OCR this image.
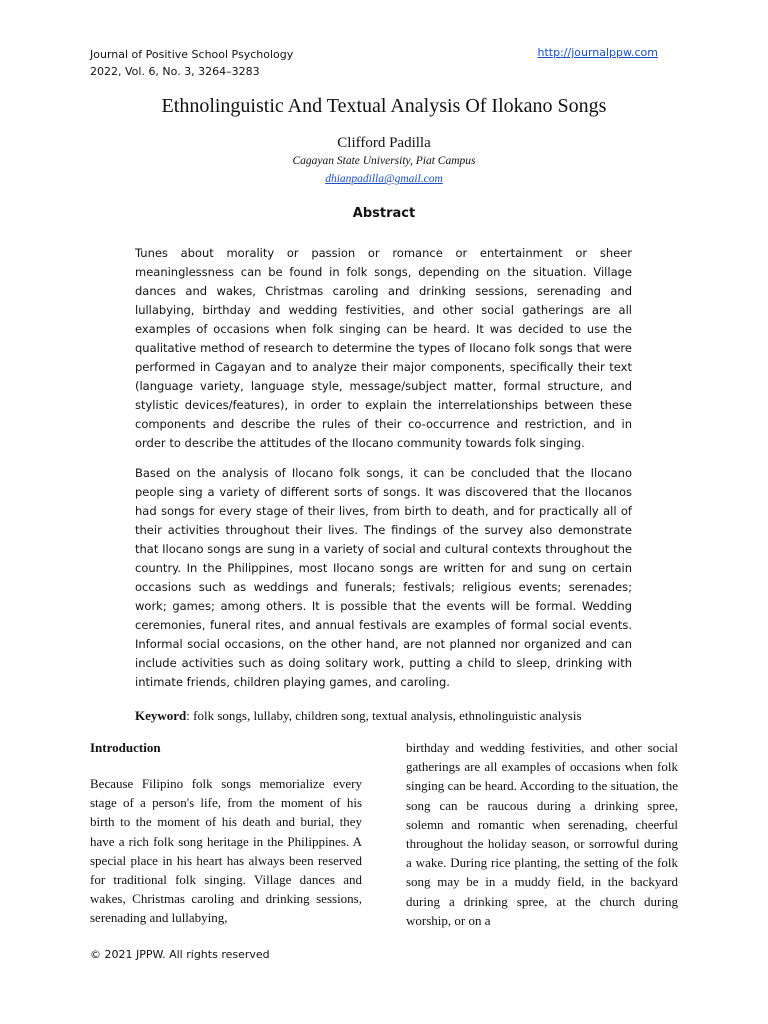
Journal of Positive School Psychology
2022, Vol. 6, No. 3, 3264–3283
http://journalppw.com
Ethnolinguistic And Textual Analysis Of Ilokano Songs
Clifford Padilla
Cagayan State University, Piat Campus
dhianpadilla@gmail.com
Abstract

Tunes about morality or passion or romance or entertainment or sheer meaninglessness can be found in folk songs, depending on the situation. Village dances and wakes, Christmas caroling and drinking sessions, serenading and lullabying, birthday and wedding festivities, and other social gatherings are all examples of occasions when folk singing can be heard. It was decided to use the qualitative method of research to determine the types of Ilocano folk songs that were performed in Cagayan and to analyze their major components, specifically their text (language variety, language style, message/subject matter, formal structure, and stylistic devices/features), in order to explain the interrelationships between these components and describe the rules of their co-occurrence and restriction, and in order to describe the attitudes of the Ilocano community towards folk singing.

Based on the analysis of Ilocano folk songs, it can be concluded that the Ilocano people sing a variety of different sorts of songs. It was discovered that the Ilocanos had songs for every stage of their lives, from birth to death, and for practically all of their activities throughout their lives. The findings of the survey also demonstrate that Ilocano songs are sung in a variety of social and cultural contexts throughout the country. In the Philippines, most Ilocano songs are written for and sung on certain occasions such as weddings and funerals; festivals; religious events; serenades; work; games; among others. It is possible that the events will be formal. Wedding ceremonies, funeral rites, and annual festivals are examples of formal social events. Informal social occasions, on the other hand, are not planned nor organized and can include activities such as doing solitary work, putting a child to sleep, drinking with intimate friends, children playing games, and caroling.

Keyword: folk songs, lullaby, children song, textual analysis, ethnolinguistic analysis
Introduction

Because Filipino folk songs memorialize every stage of a person's life, from the moment of his birth to the moment of his death and burial, they have a rich folk song heritage in the Philippines. A special place in his heart has always been reserved for traditional folk singing. Village dances and wakes, Christmas caroling and drinking sessions, serenading and lullabying,

birthday and wedding festivities, and other social gatherings are all examples of occasions when folk singing can be heard. According to the situation, the song can be raucous during a drinking spree, solemn and romantic when serenading, cheerful throughout the holiday season, or sorrowful during a wake. During rice planting, the setting of the folk song may be in a muddy field, in the backyard during a drinking spree, at the church during worship, or on a

© 2021 JPPW. All rights reserved
